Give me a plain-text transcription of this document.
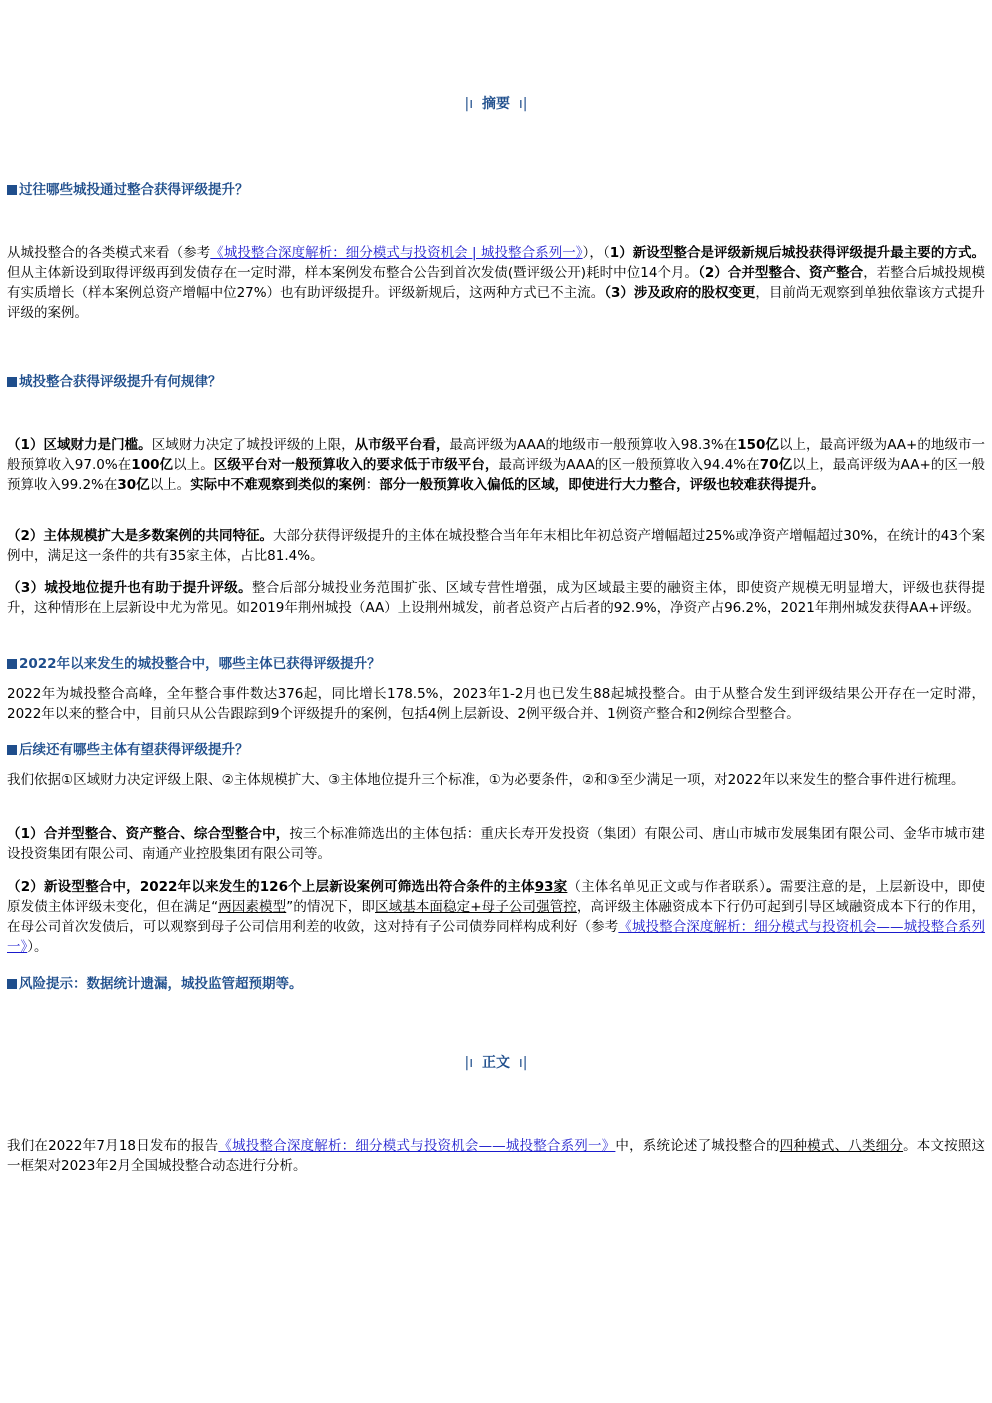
|ı  摘要  ı|
过往哪些城投通过整合获得评级提升？
从城投整合的各类模式来看（参考《城投整合深度解析：细分模式与投资机会 | 城投整合系列一》），（1）新设型整合是评级新规后城投获得评级提升最主要的方式。但从主体新设到取得评级再到发债存在一定时滞，样本案例发布整合公告到首次发债(暨评级公开)耗时中位14个月。（2）合并型整合、资产整合，若整合后城投规模有实质增长（样本案例总资产增幅中位27%）也有助评级提升。评级新规后，这两种方式已不主流。（3）涉及政府的股权变更，目前尚无观察到单独依靠该方式提升评级的案例。
城投整合获得评级提升有何规律？
（1）区域财力是门槛。区域财力决定了城投评级的上限，从市级平台看，最高评级为AAA的地级市一般预算收入98.3%在150亿以上，最高评级为AA+的地级市一般预算收入97.0%在100亿以上。区级平台对一般预算收入的要求低于市级平台，最高评级为AAA的区一般预算收入94.4%在70亿以上，最高评级为AA+的区一般预算收入99.2%在30亿以上。实际中不难观察到类似的案例：部分一般预算收入偏低的区域，即使进行大力整合，评级也较难获得提升。
（2）主体规模扩大是多数案例的共同特征。大部分获得评级提升的主体在城投整合当年年末相比年初总资产增幅超过25%或净资产增幅超过30%，在统计的43个案例中，满足这一条件的共有35家主体，占比81.4%。
（3）城投地位提升也有助于提升评级。整合后部分城投业务范围扩张、区域专营性增强，成为区域最主要的融资主体，即使资产规模无明显增大，评级也获得提升，这种情形在上层新设中尤为常见。如2019年荆州城投（AA）上设荆州城发，前者总资产占后者的92.9%，净资产占96.2%，2021年荆州城发获得AA+评级。
2022年以来发生的城投整合中，哪些主体已获得评级提升？
2022年为城投整合高峰，全年整合事件数达376起，同比增长178.5%，2023年1-2月也已发生88起城投整合。由于从整合发生到评级结果公开存在一定时滞，2022年以来的整合中，目前只从公告跟踪到9个评级提升的案例，包括4例上层新设、2例平级合并、1例资产整合和2例综合型整合。
后续还有哪些主体有望获得评级提升？
我们依据①区域财力决定评级上限、②主体规模扩大、③主体地位提升三个标准，①为必要条件，②和③至少满足一项，对2022年以来发生的整合事件进行梳理。
（1）合并型整合、资产整合、综合型整合中，按三个标准筛选出的主体包括：重庆长寿开发投资（集团）有限公司、唐山市城市发展集团有限公司、金华市城市建设投资集团有限公司、南通产业控股集团有限公司等。
（2）新设型整合中，2022年以来发生的126个上层新设案例可筛选出符合条件的主体93家（主体名单见正文或与作者联系）。需要注意的是，上层新设中，即使原发债主体评级未变化，但在满足“两因素模型”的情况下，即区域基本面稳定+母子公司强管控，高评级主体融资成本下行仍可起到引导区域融资成本下行的作用，在母公司首次发债后，可以观察到母子公司信用利差的收敛，这对持有子公司债券同样构成利好（参考《城投整合深度解析：细分模式与投资机会——城投整合系列一》）。
风险提示：数据统计遗漏，城投监管超预期等。
|ı  正文  ı|
我们在2022年7月18日发布的报告《城投整合深度解析：细分模式与投资机会——城投整合系列一》中，系统论述了城投整合的四种模式、八类细分。本文按照这一框架对2023年2月全国城投整合动态进行分析。
